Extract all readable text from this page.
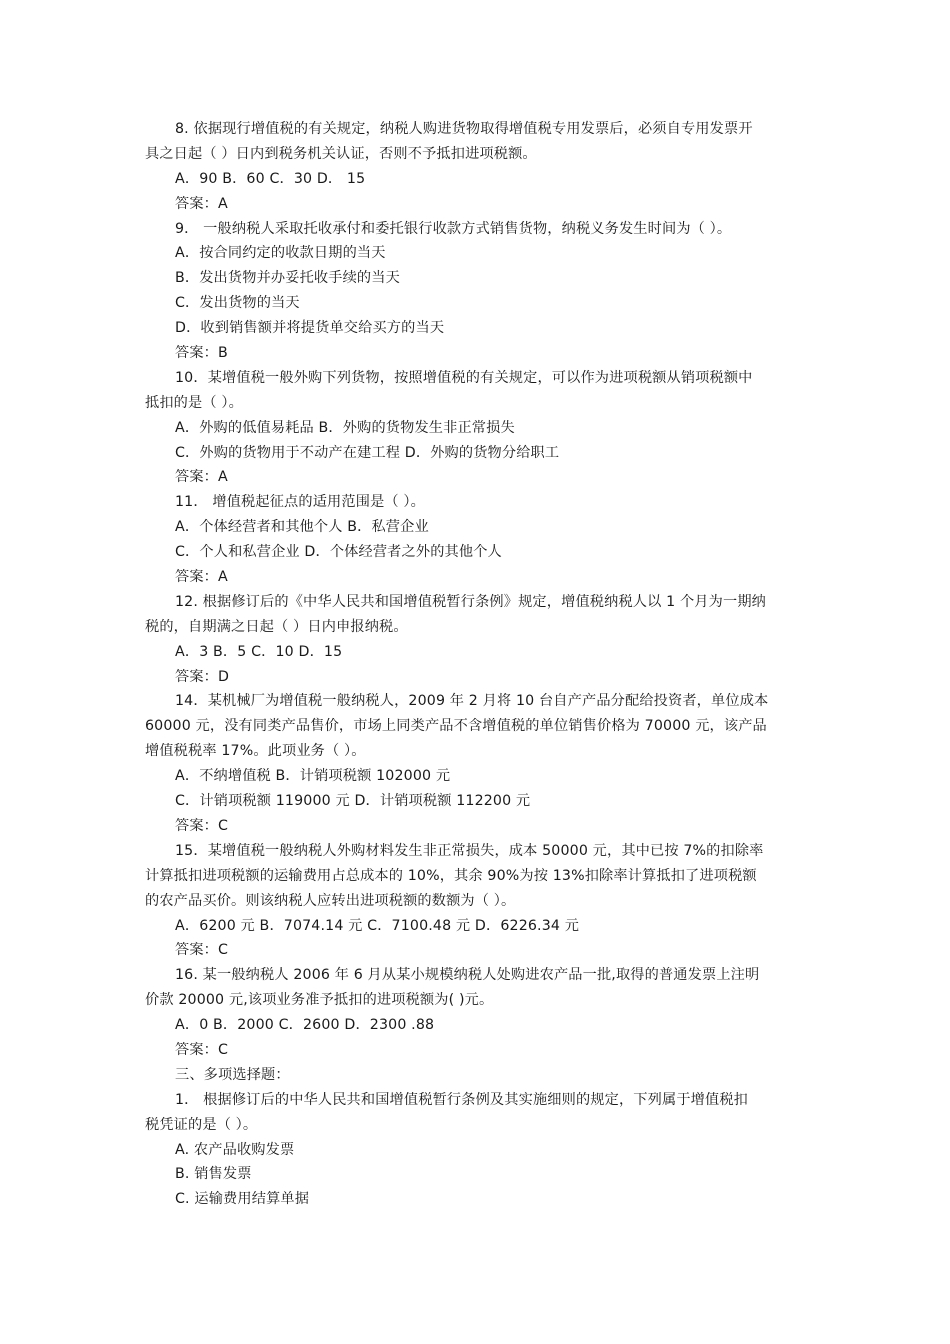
8. 依据现行增值税的有关规定，纳税人购进货物取得增值税专用发票后，必须自专用发票开
具之日起（ ）日内到税务机关认证，否则不予抵扣进项税额。
A．90 B．60 C．30 D． 15
答案：A
9． 一般纳税人采取托收承付和委托银行收款方式销售货物，纳税义务发生时间为（ ）。
A．按合同约定的收款日期的当天
B．发出货物并办妥托收手续的当天
C．发出货物的当天
D．收到销售额并将提货单交给买方的当天
答案：B
10．某增值税一般外购下列货物，按照增值税的有关规定，可以作为进项税额从销项税额中
抵扣的是（ ）。
A．外购的低值易耗品 B．外购的货物发生非正常损失
C．外购的货物用于不动产在建工程 D．外购的货物分给职工
答案：A
11． 增值税起征点的适用范围是（ ）。
A．个体经营者和其他个人 B．私营企业
C．个人和私营企业 D．个体经营者之外的其他个人
答案：A
12. 根据修订后的《中华人民共和国增值税暂行条例》规定，增值税纳税人以 1 个月为一期纳
税的，自期满之日起（ ）日内申报纳税。
A．3 B．5 C．10 D．15
答案：D
14．某机械厂为增值税一般纳税人，2009 年 2 月将 10 台自产产品分配给投资者，单位成本
60000 元，没有同类产品售价，市场上同类产品不含增值税的单位销售价格为 70000 元，该产品
增值税税率 17%。此项业务（ ）。
A．不纳增值税 B．计销项税额 102000 元
C．计销项税额 119000 元 D．计销项税额 112200 元
答案：C
15．某增值税一般纳税人外购材料发生非正常损失，成本 50000 元，其中已按 7%的扣除率
计算抵扣进项税额的运输费用占总成本的 10%，其余 90%为按 13%扣除率计算抵扣了进项税额
的农产品买价。则该纳税人应转出进项税额的数额为（ ）。
A．6200 元 B．7074.14 元 C．7100.48 元 D．6226.34 元
答案：C
16. 某一般纳税人 2006 年 6 月从某小规模纳税人处购进农产品一批,取得的普通发票上注明
价款 20000 元,该项业务准予抵扣的进项税额为( )元。
A．0 B．2000 C．2600 D．2300 .88
答案：C
三、多项选择题：
1． 根据修订后的中华人民共和国增值税暂行条例及其实施细则的规定，下列属于增值税扣
税凭证的是（ ）。
A. 农产品收购发票
B. 销售发票
C. 运输费用结算单据
